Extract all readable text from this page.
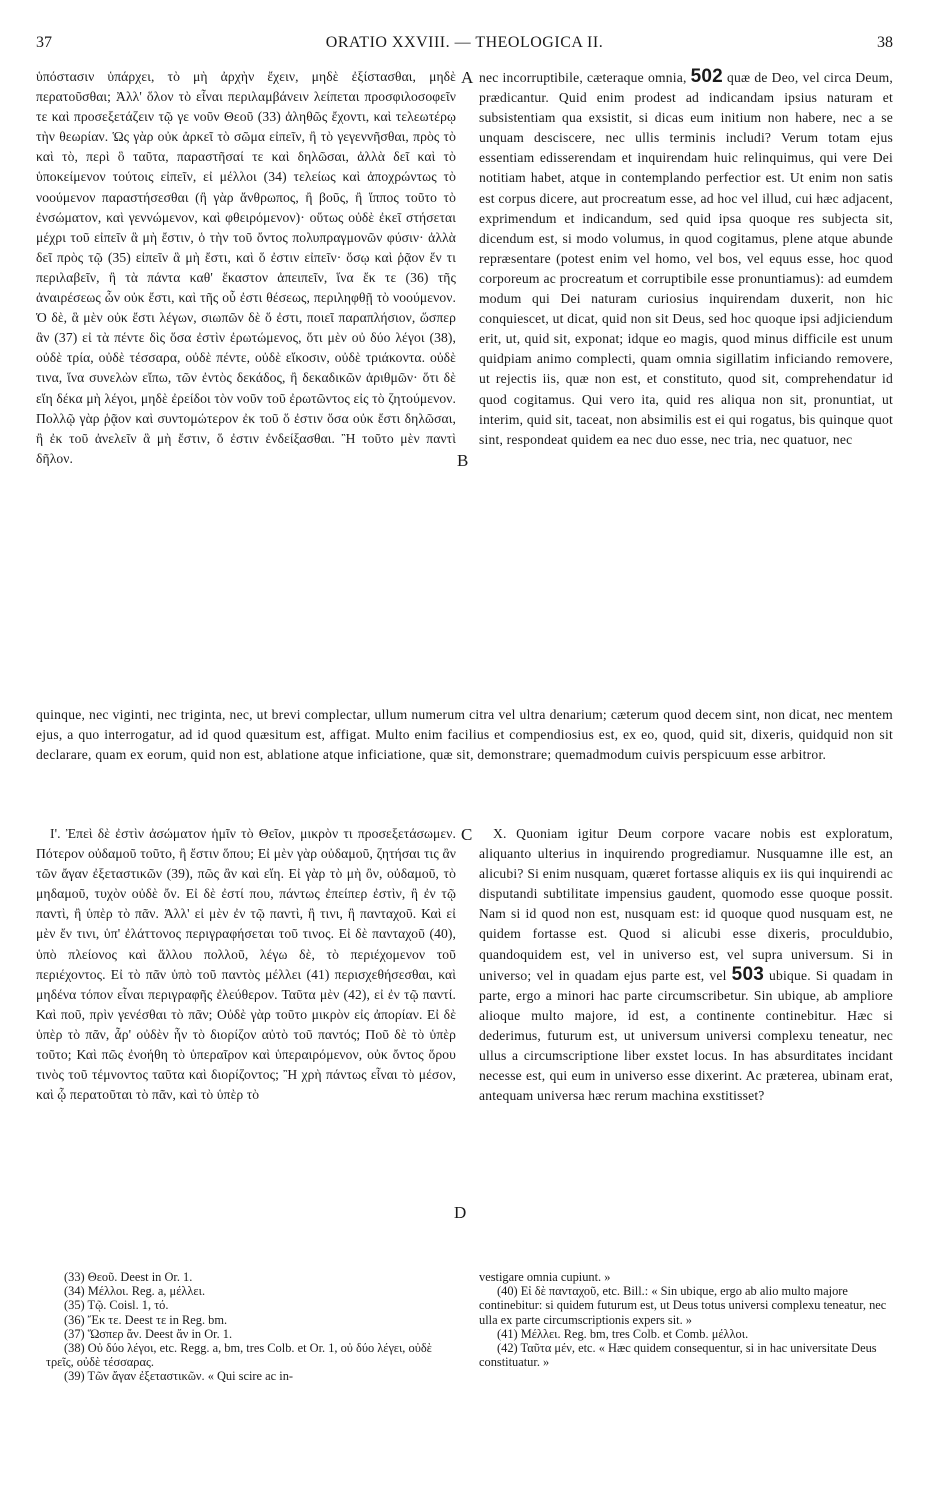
37	ORATIO XXVIII. — THEOLOGICA II.	38

ὑπόστασιν ὑπάρχει, τὸ μὴ ἀρχὴν ἔχειν, μηδὲ ἐξίστασθαι, μηδὲ περατοῦσθαι; Ἀλλ' ὅλον τὸ εἶναι περιλαμβάνειν λείπεται προσφιλοσοφεῖν τε καὶ προσεξετάζειν τῷ γε νοῦν Θεοῦ (33) ἀληθῶς ἔχοντι, καὶ τελεωτέρῳ τὴν θεωρίαν. Ὡς γὰρ οὐκ ἀρκεῖ τὸ σῶμα εἰπεῖν, ἢ τὸ γεγεννῆσθαι, πρὸς τὸ καὶ τὸ, περὶ ὃ ταῦτα, παραστῆσαί τε καὶ δηλῶσαι, ἀλλὰ δεῖ καὶ τὸ ὑποκείμενον τούτοις εἰπεῖν, εἰ μέλλοι (34) τελείως καὶ ἀποχρώντως τὸ νοούμενον παραστήσεσθαι (ἢ γὰρ ἄνθρωπος, ἢ βοῦς, ἢ ἵππος τοῦτο τὸ ἐνσώματον, καὶ γεννώμενον, καὶ φθειρόμενον)· οὕτως οὐδὲ ἐκεῖ στήσεται μέχρι τοῦ εἰπεῖν ἃ μὴ ἔστιν, ὁ τὴν τοῦ ὄντος πολυπραγμονῶν φύσιν· ἀλλὰ δεῖ πρὸς τῷ (35) εἰπεῖν ἃ μὴ ἔστι, καὶ ὅ ἐστιν εἰπεῖν· ὅσῳ καὶ ῥᾷον ἕν τι περιλαβεῖν, ἢ τὰ πάντα καθ' ἕκαστον ἀπειπεῖν, ἵνα ἔκ τε (36) τῆς ἀναιρέσεως ὧν οὐκ ἔστι, καὶ τῆς οὗ ἐστι θέσεως, περιληφθῇ τὸ νοούμενον. Ὁ δὲ, ἃ μὲν οὐκ ἔστι λέγων, σιωπῶν δὲ ὅ ἐστι, ποιεῖ παραπλήσιον, ὥσπερ ἂν (37) εἰ τὰ πέντε δὶς ὅσα ἐστὶν ἐρωτώμενος, ὅτι μὲν οὐ δύο λέγοι (38), οὐδὲ τρία, οὐδὲ τέσσαρα, οὐδὲ πέντε, οὐδὲ εἴκοσιν, οὐδὲ τριάκοντα. οὐδὲ τινα, ἵνα συνελὼν εἴπω, τῶν ἐντὸς δεκάδος, ἢ δεκαδικῶν ἀριθμῶν· ὅτι δὲ εἴη δέκα μὴ λέγοι, μηδὲ ἐρείδοι τὸν νοῦν τοῦ ἐρωτῶντος εἰς τὸ ζητούμενον. Πολλῷ γὰρ ῥᾷον καὶ συντομώτερον ἐκ τοῦ ὅ ἐστιν ὅσα οὐκ ἔστι δηλῶσαι, ἢ ἐκ τοῦ ἀνελεῖν ἃ μὴ ἔστιν, ὅ ἐστιν ἐνδείξασθαι. Ἢ τοῦτο μὲν παντὶ δῆλον.

A
B

nec incorruptibile, cæteraque omnia, 502 quæ de Deo, vel circa Deum, prædicantur. Quid enim prodest ad indicandam ipsius naturam et subsistentiam qua exsistit, si dicas eum initium non habere, nec a se unquam desciscere, nec ullis terminis includi? Verum totam ejus essentiam edisserendam et inquirendam huic relinquimus, qui vere Dei notitiam habet, atque in contemplando perfectior est. Ut enim non satis est corpus dicere, aut procreatum esse, ad hoc vel illud, cui hæc adjacent, exprimendum et indicandum, sed quid ipsa quoque res subjecta sit, dicendum est, si modo volumus, in quod cogitamus, plene atque abunde repræsentare (potest enim vel homo, vel bos, vel equus esse, hoc quod corporeum ac procreatum et corruptibile esse pronuntiamus): ad eumdem modum qui Dei naturam curiosius inquirendam duxerit, non hic conquiescet, ut dicat, quid non sit Deus, sed hoc quoque ipsi adjiciendum erit, ut, quid sit, exponat; idque eo magis, quod minus difficile est unum quidpiam animo complecti, quam omnia sigillatim inficiando removere, ut rejectis iis, quæ non est, et constituto, quod sit, comprehendatur id quod cogitamus. Qui vero ita, quid res aliqua non sit, pronuntiat, ut interim, quid sit, taceat, non absimilis est ei qui rogatus, bis quinque quot sint, respondeat quidem ea nec duo esse, nec tria, nec quatuor, nec

quinque, nec viginti, nec triginta, nec, ut brevi complectar, ullum numerum citra vel ultra denarium; cæterum quod decem sint, non dicat, nec mentem ejus, a quo interrogatur, ad id quod quæsitum est, affigat. Multo enim facilius et compendiosius est, ex eo, quod, quid sit, dixeris, quidquid non sit declarare, quam ex eorum, quid non est, ablatione atque inficiatione, quæ sit, demonstrare; quemadmodum cuivis perspicuum esse arbitror.

Ι'. Ἐπεὶ δὲ ἐστὶν ἀσώματον ἡμῖν τὸ Θεῖον, μικρὸν τι προσεξετάσωμεν. Πότερον οὐδαμοῦ τοῦτο, ἢ ἔστιν ὅπου; Εἰ μὲν γὰρ οὐδαμοῦ, ζητήσαι τις ἂν τῶν ἄγαν ἐξεταστικῶν (39), πῶς ἂν καὶ εἴη. Εἰ γὰρ τὸ μὴ ὂν, οὐδαμοῦ, τὸ μηδαμοῦ, τυχὸν οὐδὲ ὄν. Εἰ δὲ ἐστί που, πάντως ἐπείπερ ἐστὶν, ἢ ἐν τῷ παντὶ, ἢ ὑπὲρ τὸ πᾶν. Ἀλλ' εἰ μὲν ἐν τῷ παντὶ, ἢ τινι, ἢ πανταχοῦ. Καὶ εἰ μὲν ἔν τινι, ὑπ' ἐλάττονος περιγραφήσεται τοῦ τινος. Εἰ δὲ πανταχοῦ (40), ὑπὸ πλείονος καὶ ἄλλου πολλοῦ, λέγω δὲ, τὸ περιέχομενον τοῦ περιέχοντος. Εἰ τὸ πᾶν ὑπὸ τοῦ παντὸς μέλλει (41) περισχεθήσεσθαι, καὶ μηδένα τόπον εἶναι περιγραφῆς ἐλεύθερον. Ταῦτα μὲν (42), εἰ ἐν τῷ παντί. Καὶ ποῦ, πρὶν γενέσθαι τὸ πᾶν; Οὐδὲ γὰρ τοῦτο μικρὸν εἰς ἀπορίαν. Εἰ δὲ ὑπὲρ τὸ πᾶν, ἆρ' οὐδὲν ἦν τὸ διορίζον αὐτὸ τοῦ παντός; Ποῦ δὲ τὸ ὑπὲρ τοῦτο; Καὶ πῶς ἐνοήθη τὸ ὑπεραῖρον καὶ ὑπεραιρόμενον, οὐκ ὄντος ὅρου τινὸς τοῦ τέμνοντος ταῦτα καὶ διορίζοντος; Ἢ χρὴ πάντως εἶναι τὸ μέσον, καὶ ᾧ περατοῦται τὸ πᾶν, καὶ τὸ ὑπὲρ τὸ

C
D

X. Quoniam igitur Deum corpore vacare nobis est exploratum, aliquanto ulterius in inquirendo progrediamur. Nusquamne ille est, an alicubi? Si enim nusquam, quæret fortasse aliquis ex iis qui inquirendi ac disputandi subtilitate impensius gaudent, quomodo esse quoque possit. Nam si id quod non est, nusquam est: id quoque quod nusquam est, ne quidem fortasse est. Quod si alicubi esse dixeris, proculdubio, quandoquidem est, vel in universo est, vel supra universum. Si in universo; vel in quadam ejus parte est, vel 503 ubique. Si quadam in parte, ergo a minori hac parte circumscribetur. Sin ubique, ab ampliore alioque multo majore, id est, a continente continebitur. Hæc si dederimus, futurum est, ut universum universi complexu teneatur, nec ullus a circumscriptione liber exstet locus. In has absurditates incidant necesse est, qui eum in universo esse dixerint. Ac præterea, ubinam erat, antequam universa hæc rerum machina exstitisset?

(33) Θεοῦ. Deest in Or. 1.

(34) Μέλλοι. Reg. a, μέλλει.

(35) Τῷ. Coisl. 1, τό.

(36) Ἔκ τε. Deest τε in Reg. bm.

(37) Ὥσπερ ἄν. Deest ἄν in Or. 1.

(38) Οὐ δύο λέγοι, etc. Regg. a, bm, tres Colb. et Or. 1, οὐ δύο λέγει, οὐδὲ τρεῖς, οὐδὲ τέσσαρας.

(39) Τῶν ἄγαν ἐξεταστικῶν. « Qui scire ac in-

vestigare omnia cupiunt. »

(40) Εἰ δὲ πανταχοῦ, etc. Bill.: « Sin ubique, ergo ab alio multo majore continebitur: si quidem futurum est, ut Deus totus universi complexu teneatur, nec ulla ex parte circumscriptionis expers sit. »

(41) Μέλλει. Reg. bm, tres Colb. et Comb. μέλλοι.

(42) Ταῦτα μέν, etc. « Hæc quidem consequentur, si in hac universitate Deus constituatur. »
